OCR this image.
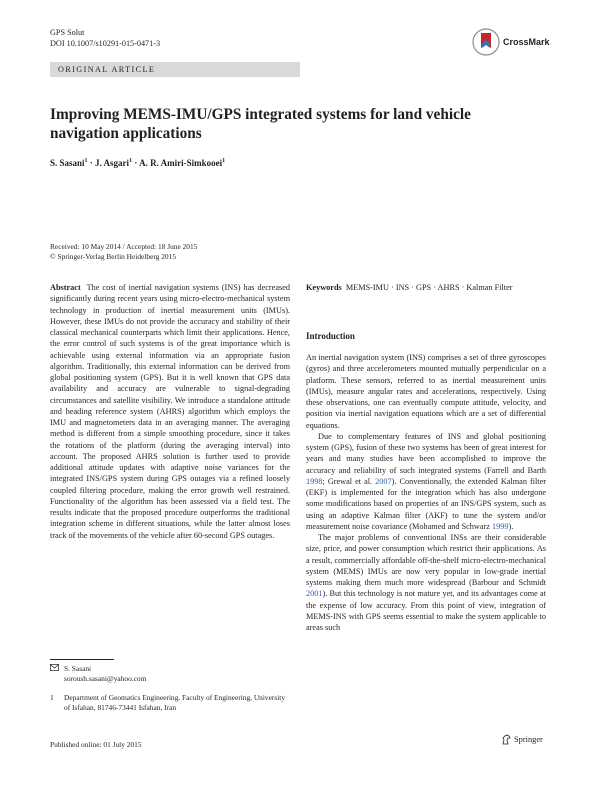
GPS Solut
DOI 10.1007/s10291-015-0471-3	CrossMark
ORIGINAL ARTICLE
Improving MEMS-IMU/GPS integrated systems for land vehicle navigation applications
S. Sasani$^1$ · J. Asgari$^1$ · A. R. Amiri-Simkooei$^1$
Received: 10 May 2014 / Accepted: 18 June 2015
© Springer-Verlag Berlin Heidelberg 2015

Abstract The cost of inertial navigation systems (INS) has decreased significantly during recent years using micro-electro-mechanical system technology in production of inertial measurement units (IMUs). However, these IMUs do not provide the accuracy and stability of their classical mechanical counterparts which limit their applications. Hence, the error control of such systems is of the great importance which is achievable using external information via an appropriate fusion algorithm. Traditionally, this external information can be derived from global positioning system (GPS). But it is well known that GPS data availability and accuracy are vulnerable to signal-degrading circumstances and satellite visibility. We introduce a standalone attitude and heading reference system (AHRS) algorithm which employs the IMU and magnetometers data in an averaging manner. The averaging method is different from a simple smoothing procedure, since it takes the rotations of the platform (during the averaging interval) into account. The proposed AHRS solution is further used to provide additional attitude updates with adaptive noise variances for the integrated INS/GPS system during GPS outages via a refined loosely coupled filtering procedure, making the error growth well restrained. Functionality of the algorithm has been assessed via a field test. The results indicate that the proposed procedure outperforms the traditional integration scheme in different situations, while the latter almost loses track of the movements of the vehicle after 60-second GPS outages.

Keywords MEMS-IMU · INS · GPS · AHRS · Kalman Filter

Introduction

An inertial navigation system (INS) comprises a set of three gyroscopes (gyros) and three accelerometers mounted mutually perpendicular on a platform. These sensors, referred to as inertial measurement units (IMUs), measure angular rates and accelerations, respectively. Using these observations, one can eventually compute attitude, velocity, and position via inertial navigation equations which are a set of differential equations.

Due to complementary features of INS and global positioning system (GPS), fusion of these two systems has been of great interest for years and many studies have been accomplished to improve the accuracy and reliability of such integrated systems (Farrell and Barth 1998; Grewal et al. 2007). Conventionally, the extended Kalman filter (EKF) is implemented for the integration which has also undergone some modifications based on properties of an INS/GPS system, such as using an adaptive Kalman filter (AKF) to tune the system and/or measurement noise covariance (Mohamed and Schwarz 1999).

The major problems of conventional INSs are their considerable size, price, and power consumption which restrict their applications. As a result, commercially affordable off-the-shelf micro-electro-mechanical system (MEMS) IMUs are now very popular in low-grade inertial systems making them much more widespread (Barbour and Schmidt 2001). But this technology is not mature yet, and its advantages come at the expense of low accuracy. From this point of view, integration of MEMS-INS with GPS seems essential to make the system applicable to areas such

S. Sasani
soroush.sasani@yahoo.com
1	Department of Geomatics Engineering, Faculty of Engineering, University of Isfahan, 81746-73441 Isfahan, Iran
Published online: 01 July 2015
Springer
